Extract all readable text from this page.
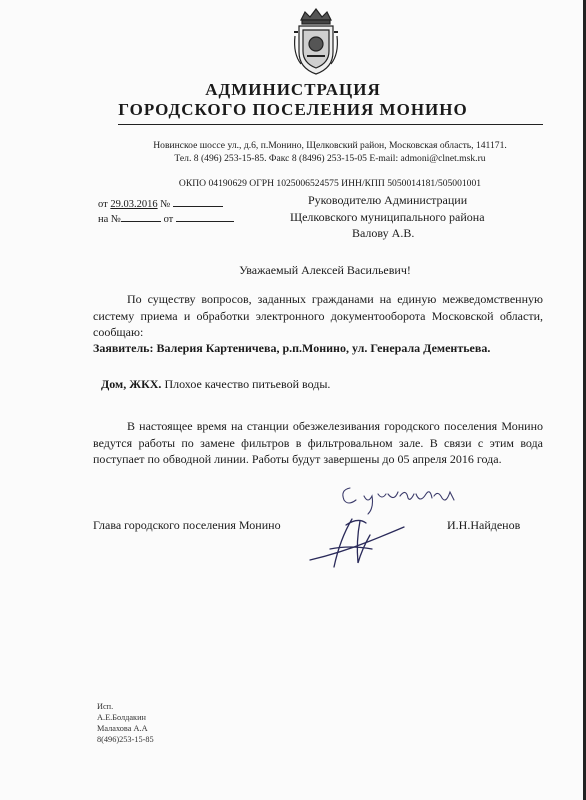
АДМИНИСТРАЦИЯ
ГОРОДСКОГО ПОСЕЛЕНИЯ МОНИНО
Новинское шоссе ул., д.6, п.Монино, Щелковский район, Московская область, 141171.
Тел. 8 (496) 253-15-85. Факс 8 (8496) 253-15-05 E-mail: admoni@clnet.msk.ru
ОКПО 04190629 ОГРН 1025006524575 ИНН/КПП 5050014181/505001001
от 29.03.2016 №
на №	от
Руководителю Администрации
Щелковского муниципального района
Валову А.В.
Уважаемый Алексей Васильевич!
По существу вопросов, заданных гражданами на единую межведомственную систему приема и обработки электронного документооборота Московской области, сообщаю:
Заявитель: Валерия Картеничева, р.п.Монино, ул. Генерала Дементьева.
Дом, ЖКХ. Плохое качество питьевой воды.
В настоящее время на станции обезжелезивания городского поселения Монино ведутся работы по замене фильтров в фильтровальном зале. В связи с этим вода поступает по обводной линии. Работы будут завершены до 05 апреля 2016 года.
Глава городского поселения Монино	И.Н.Найденов
Исп.
А.Е.Болдакин
Малахова А.А
8(496)253-15-85
